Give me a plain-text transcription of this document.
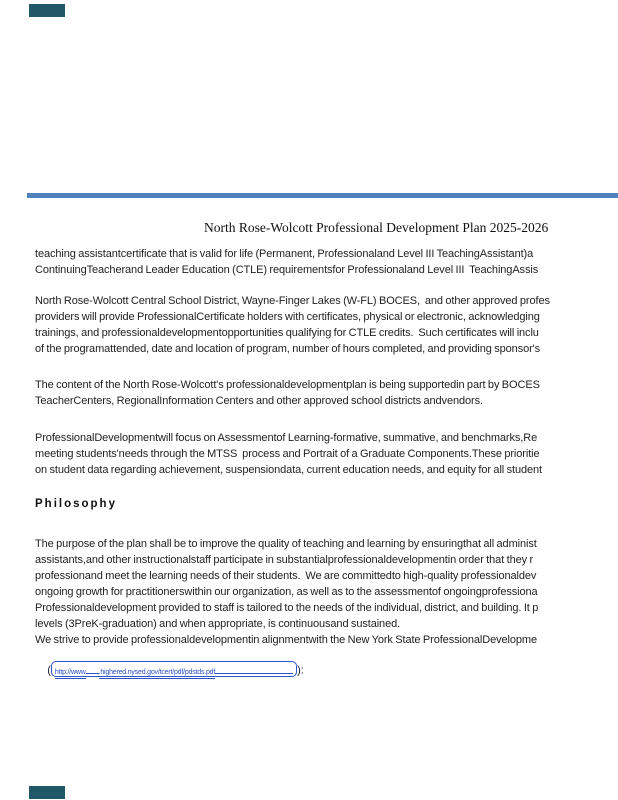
North Rose-Wolcott Professional Development Plan 2025-2026
teaching assistantcertificate that is valid for life (Permanent, Professionaland Level III TeachingAssistant)a
ContinuingTeacherand Leader Education (CTLE) requirementsfor Professionaland Level III  TeachingAssis
North Rose-Wolcott Central School District, Wayne-Finger Lakes (W-FL) BOCES,  and other approved profes
providers will provide ProfessionalCertificate holders with certificates, physical or electronic, acknowledging
trainings, and professionaldevelopmentopportunities qualifying for CTLE credits.  Such certificates will inclu
of the programattended, date and location of program, number of hours completed, and providing sponsor's
The content of the North Rose-Wolcott's professionaldevelopmentplan is being supportedin part by BOCES
TeacherCenters, RegionalInformation Centers and other approved school districts andvendors.
ProfessionalDevelopmentwill focus on Assessmentof Learning-formative, summative, and benchmarks,Re
meeting students'needs through the MTSS  process and Portrait of a Graduate Components.These prioritie
on student data regarding achievement, suspensiondata, current education needs, and equity for all student
Philosophy
The purpose of the plan shall be to improve the quality of teaching and learning by ensuringthat all administ
assistants,and other instructionalstaff participate in substantialprofessionaldevelopmentin order that they r
professionand meet the learning needs of their students.  We are committedto high-quality professionaldev
ongoing growth for practitionerswithin our organization, as well as to the assessmentof ongoingprofessiona
Professionaldevelopment provided to staff is tailored to the needs of the individual, district, and building. It p
levels (3PreK-graduation) and when appropriate, is continuousand sustained.
We strive to provide professionaldevelopmentin alignmentwith the New York State ProfessionalDevelopme

( http://www .highered.nysed.gov/tcert/pdf/pdstds.pdf	):
